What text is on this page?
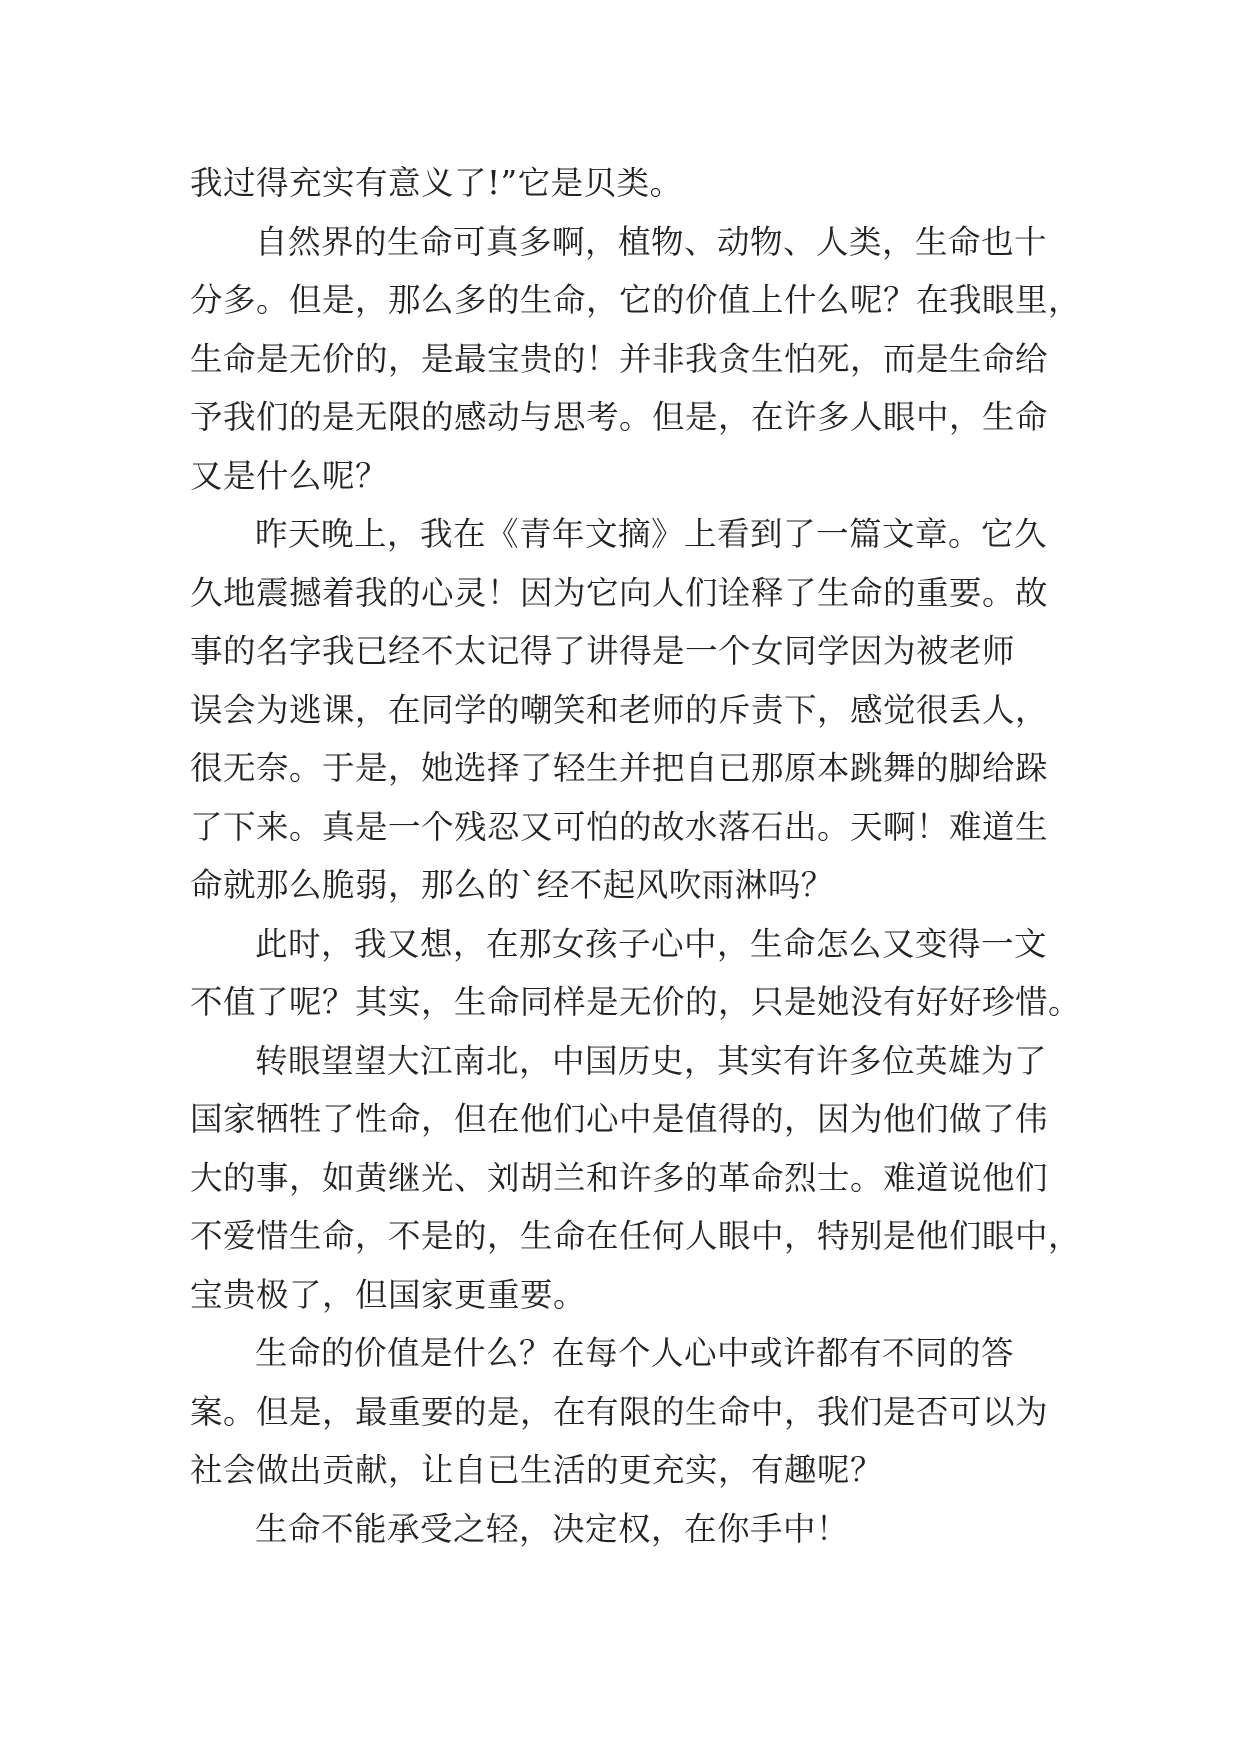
我过得充实有意义了!”它是贝类。
自然界的生命可真多啊，植物、动物、人类，生命也十
分多。但是，那么多的生命，它的价值上什么呢？在我眼里，
生命是无价的，是最宝贵的！并非我贪生怕死，而是生命给
予我们的是无限的感动与思考。但是，在许多人眼中，生命
又是什么呢？
昨天晚上，我在《青年文摘》上看到了一篇文章。它久
久地震撼着我的心灵！因为它向人们诠释了生命的重要。故
事的名字我已经不太记得了讲得是一个女同学因为被老师
误会为逃课，在同学的嘲笑和老师的斥责下，感觉很丢人，
很无奈。于是，她选择了轻生并把自已那原本跳舞的脚给跺
了下来。真是一个残忍又可怕的故水落石出。天啊！难道生
命就那么脆弱，那么的`经不起风吹雨淋吗？
此时，我又想，在那女孩子心中，生命怎么又变得一文
不值了呢？其实，生命同样是无价的，只是她没有好好珍惜。
转眼望望大江南北，中国历史，其实有许多位英雄为了
国家牺牲了性命，但在他们心中是值得的，因为他们做了伟
大的事，如黄继光、刘胡兰和许多的革命烈士。难道说他们
不爱惜生命，不是的，生命在任何人眼中，特别是他们眼中，
宝贵极了，但国家更重要。
生命的价值是什么？在每个人心中或许都有不同的答
案。但是，最重要的是，在有限的生命中，我们是否可以为
社会做出贡献，让自已生活的更充实，有趣呢？
生命不能承受之轻，决定权，在你手中！
